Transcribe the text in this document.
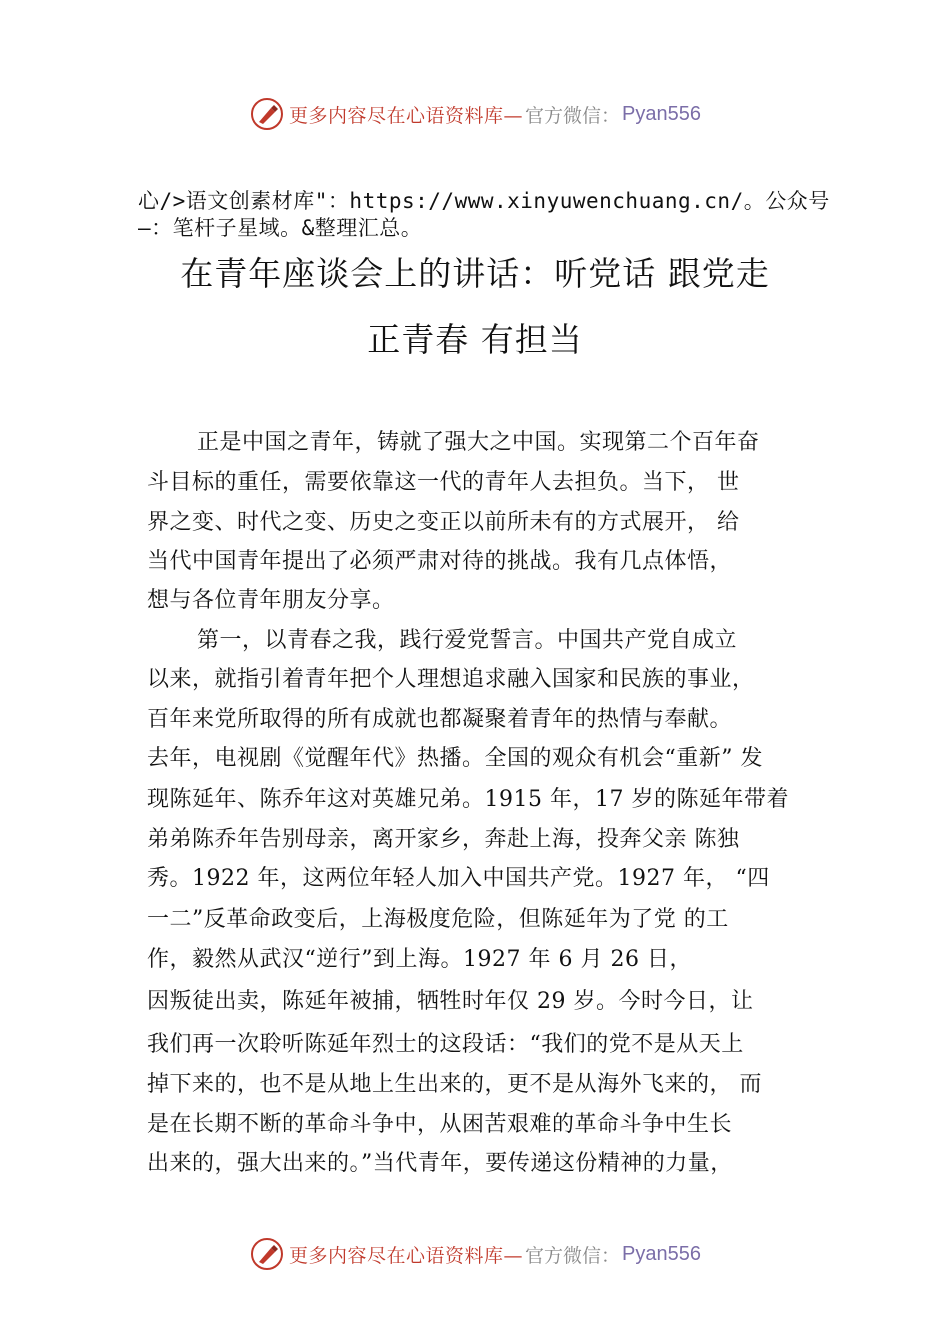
更多内容尽在心语资料库— 官方微信： Pyan556

心/>语文创素材库"：https://www.xinyuwenchuang.cn/。公众号—：笔杆子星域。&整理汇总。

在青年座谈会上的讲话：听党话 跟党走
正青春 有担当

正是中国之青年，铸就了强大之中国。实现第二个百年奋

斗目标的重任，需要依靠这一代的青年人去担负。当下， 世

界之变、时代之变、历史之变正以前所未有的方式展开， 给

当代中国青年提出了必须严肃对待的挑战。我有几点体悟，

想与各位青年朋友分享。

第一，以青春之我，践行爱党誓言。中国共产党自成立

以来，就指引着青年把个人理想追求融入国家和民族的事业，

百年来党所取得的所有成就也都凝聚着青年的热情与奉献。

去年，电视剧《觉醒年代》热播。全国的观众有机会“重新” 发

现陈延年、陈乔年这对英雄兄弟。1915 年，17 岁的陈延年带着

弟弟陈乔年告别母亲，离开家乡，奔赴上海，投奔父亲 陈独

秀。1922 年，这两位年轻人加入中国共产党。1927 年， “四

一二”反革命政变后，上海极度危险，但陈延年为了党 的工

作，毅然从武汉“逆行”到上海。1927 年 6 月 26 日，

因叛徒出卖，陈延年被捕，牺牲时年仅 29 岁。今时今日，让

我们再一次聆听陈延年烈士的这段话：“我们的党不是从天上

掉下来的，也不是从地上生出来的，更不是从海外飞来的， 而

是在长期不断的革命斗争中，从困苦艰难的革命斗争中生长

出来的，强大出来的。”当代青年，要传递这份精神的力量，

更多内容尽在心语资料库— 官方微信： Pyan556
